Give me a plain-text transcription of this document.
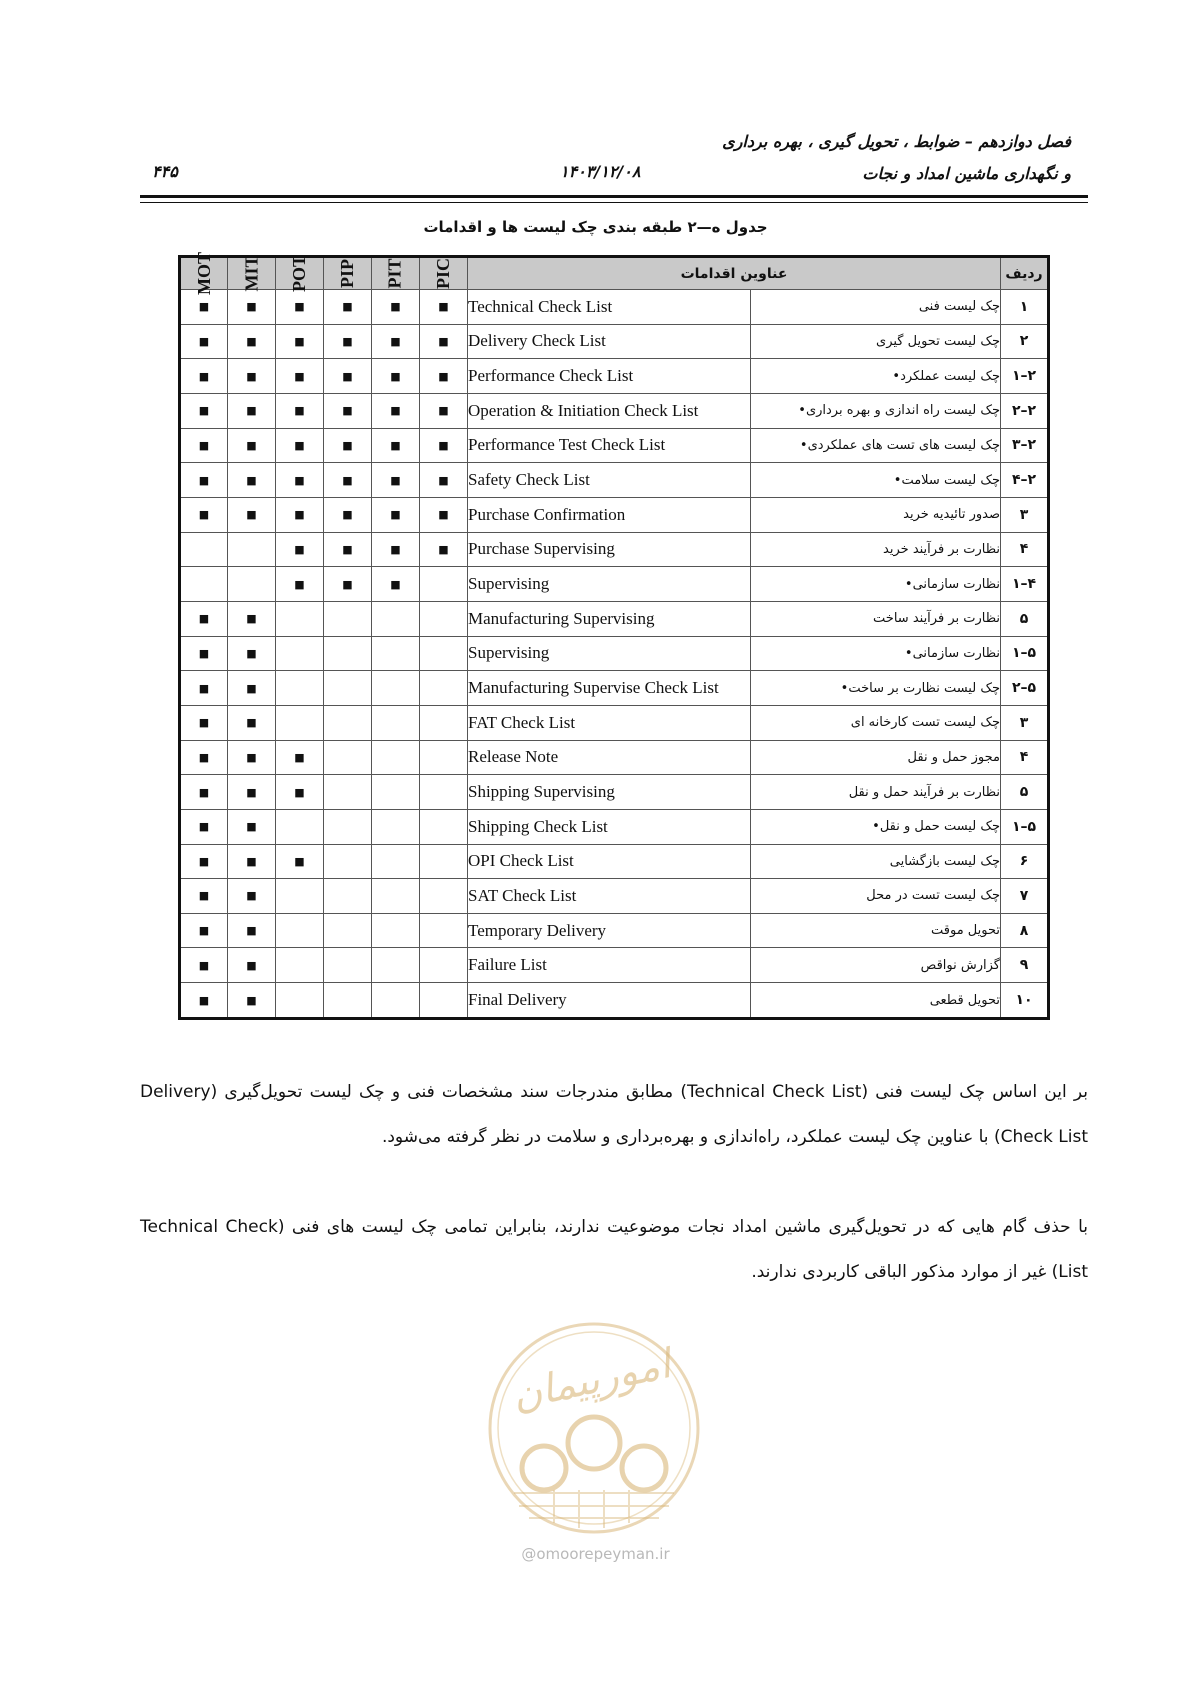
فصل دوازدهم – ضوابط ، تحویل گیری ، بهره برداری
و نگهداری ماشین امداد و نجات
۱۴۰۳/۱۲/۰۸
۴۴۵
جدول ه—۲ طبقه بندی چک لیست ها و اقدامات
MOT	MIT	POT	PIP	PIT	PIC	عناوین اقدامات		ردیف
■	■	■	■	■	■	Technical Check List	چک لیست فنی	۱
■	■	■	■	■	■	Delivery Check List	چک لیست تحویل گیری	۲
■	■	■	■	■	■	Performance Check List	چک لیست عملکرد•	۲–۱
■	■	■	■	■	■	Operation & Initiation Check List	چک لیست راه اندازی و بهره برداری•	۲–۲
■	■	■	■	■	■	Performance Test Check List	چک لیست های تست های عملکردی•	۲–۳
■	■	■	■	■	■	Safety Check List	چک لیست سلامت•	۲–۴
■	■	■	■	■	■	Purchase Confirmation	صدور تائیدیه خرید	۳
		■	■	■	■	Purchase Supervising	نظارت بر فرآیند خرید	۴
		■	■	■		Supervising	نظارت سازمانی•	۴–۱
■	■					Manufacturing Supervising	نظارت بر فرآیند ساخت	۵
■	■					Supervising	نظارت سازمانی•	۵–۱
■	■					Manufacturing Supervise Check List	چک لیست نظارت بر ساخت•	۵–۲
■	■					FAT Check List	چک لیست تست کارخانه ای	۳
■	■	■				Release Note	مجوز حمل و نقل	۴
■	■	■				Shipping Supervising	نظارت بر فرآیند حمل و نقل	۵
■	■					Shipping Check List	چک لیست حمل و نقل•	۵–۱
■	■	■				OPI Check List	چک لیست بازگشایی	۶
■	■					SAT Check List	چک لیست تست در محل	۷
■	■					Temporary Delivery	تحویل موقت	۸
■	■					Failure List	گزارش نواقص	۹
■	■					Final Delivery	تحویل قطعی	۱۰
بر این اساس چک لیست فنی (Technical Check List) مطابق مندرجات سند مشخصات فنی و چک لیست تحویل‌گیری (Delivery Check List) با عناوین چک لیست عملکرد، راه‌اندازی و بهره‌برداری و سلامت در نظر گرفته می‌شود.
با حذف گام هایی که در تحویل‌گیری ماشین امداد نجات موضوعیت ندارند، بنابراین تمامی چک لیست های فنی (Technical Check List) غیر از موارد مذکور الباقی کاربردی ندارند.
امورپیمان
@omoorepeyman.ir
